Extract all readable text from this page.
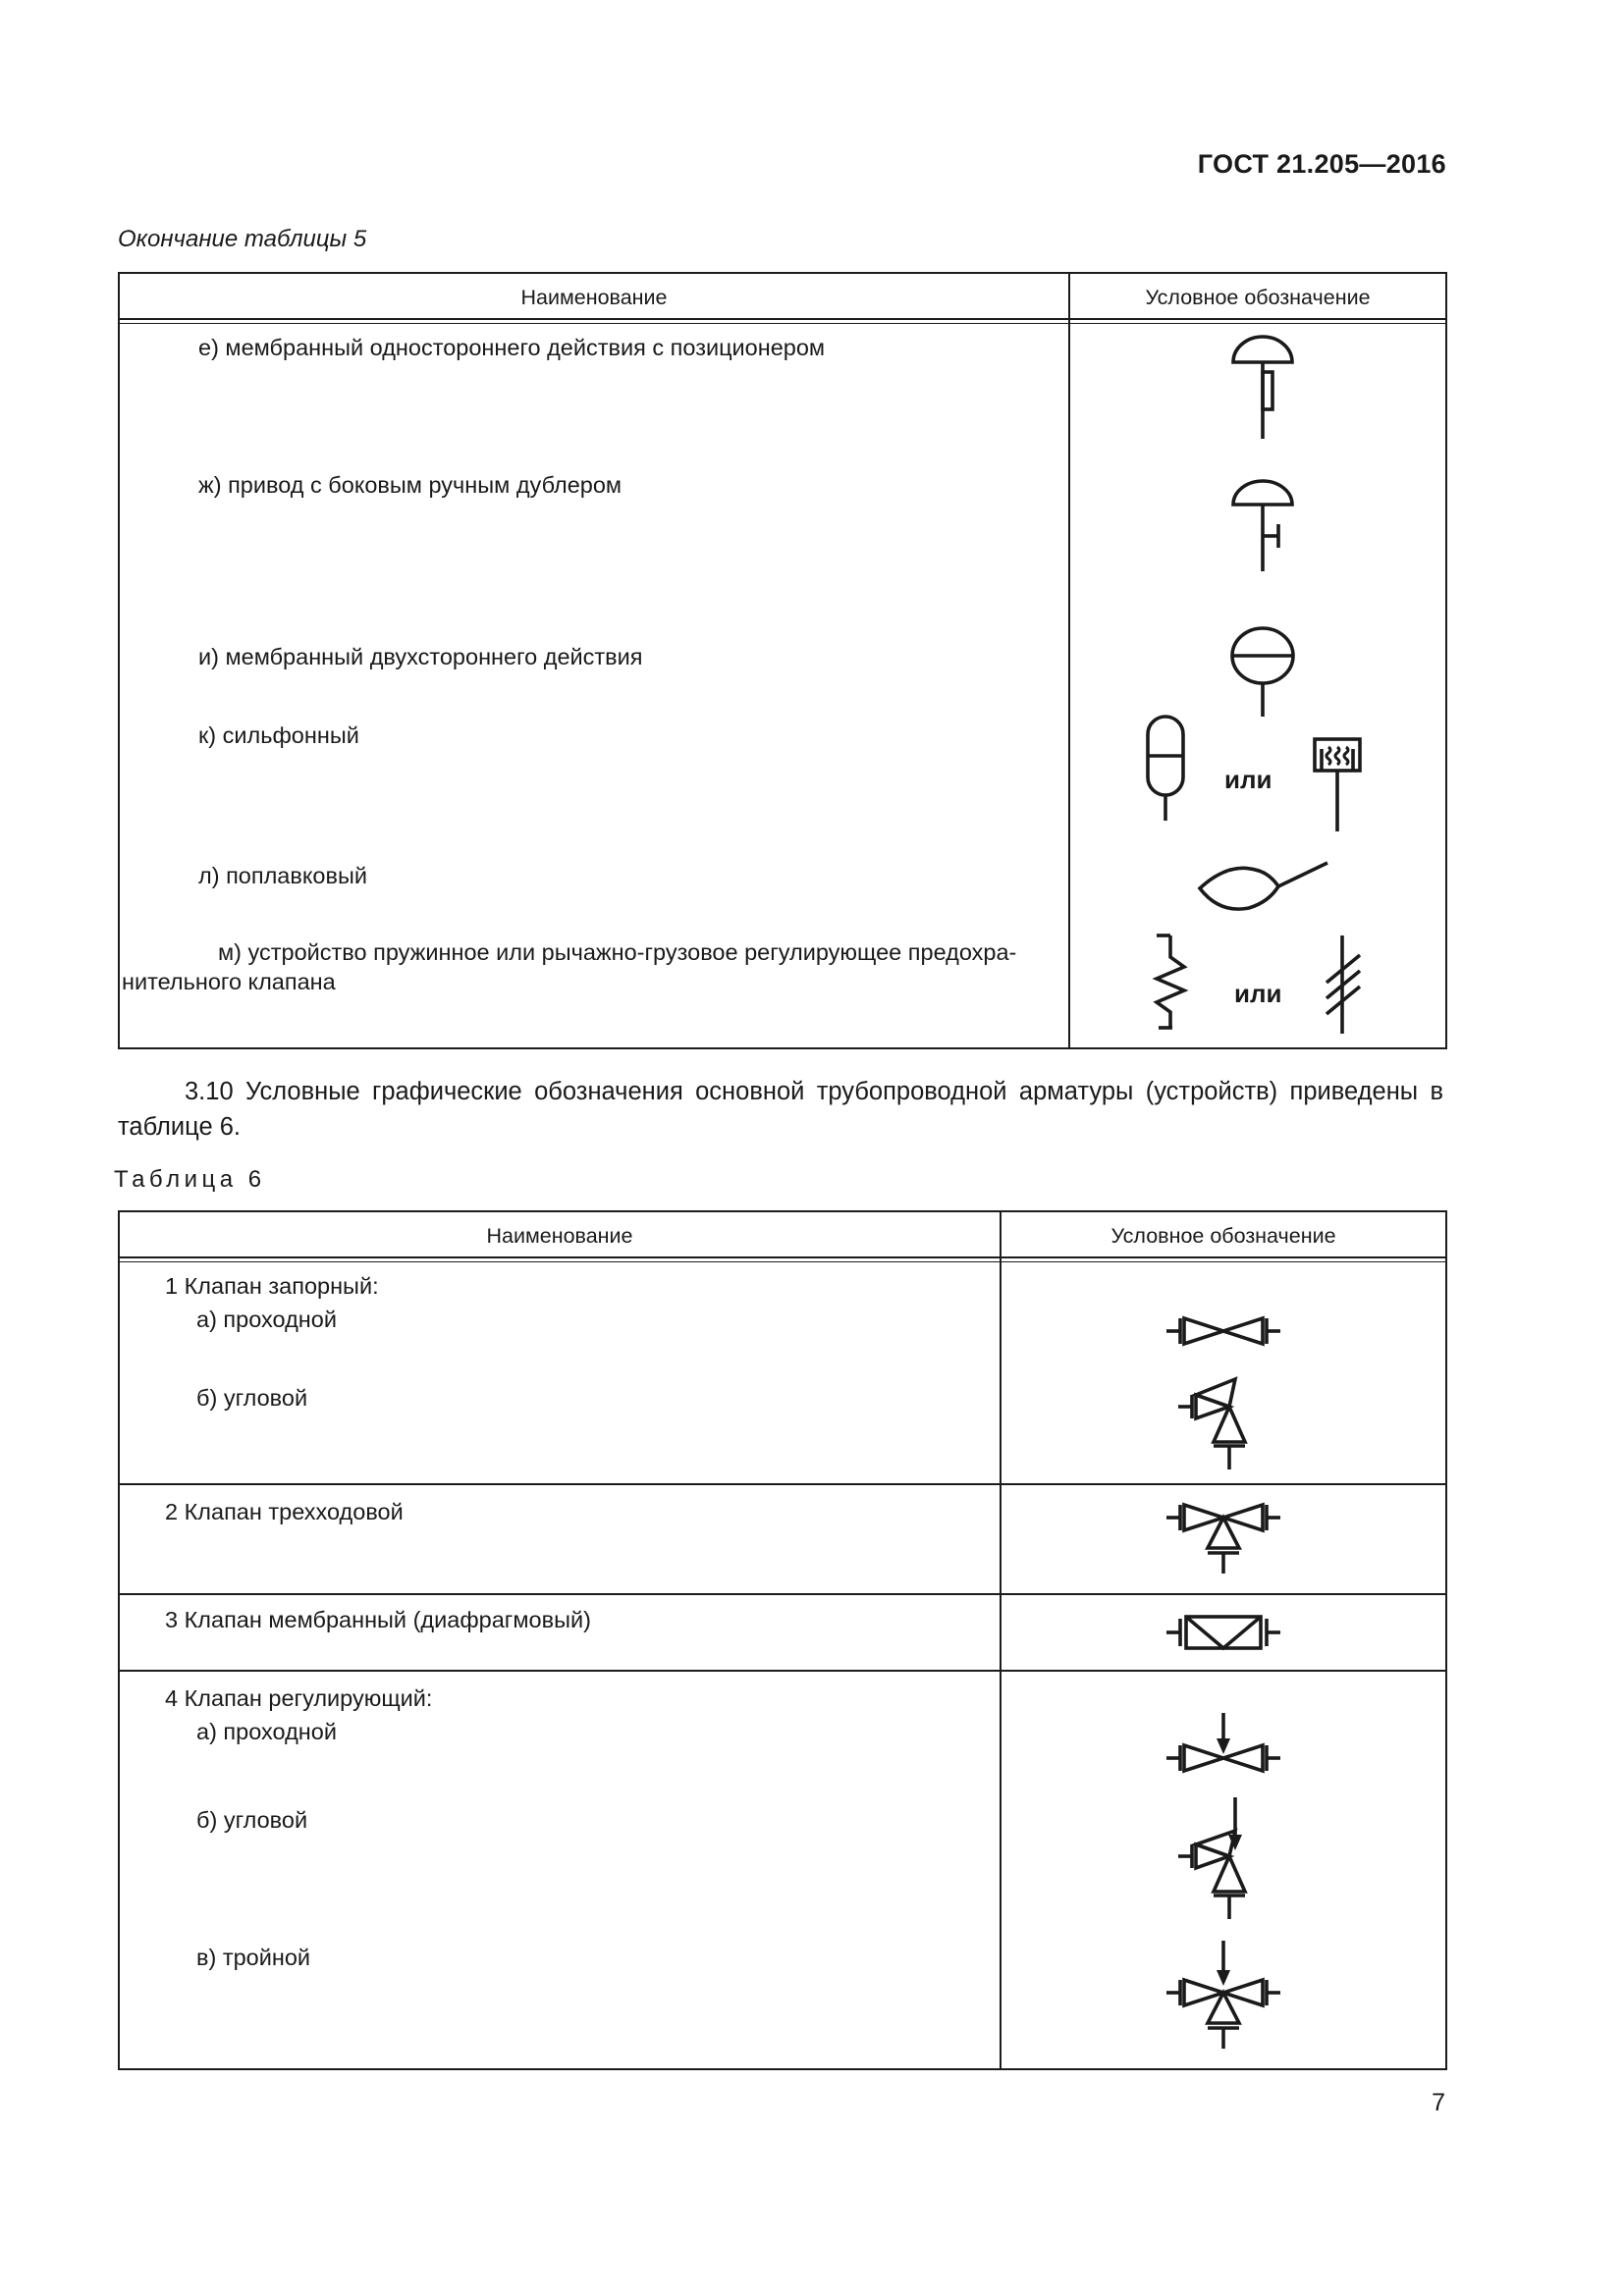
ГОСТ 21.205—2016
Окончание таблицы 5
Наименование	Условное обозначение
е) мембранный одностороннего действия с позиционером
ж) привод с боковым ручным дублером
и) мембранный двухстороннего действия
к) сильфонный
л) поплавковый
м) устройство пружинное или рычажно-грузовое регулирующее предохра-
нительного клапана
или
или
3.10 Условные графические обозначения основной трубопроводной арматуры (устройств) приведены в таблице 6.
Таблица 6
Наименование	Условное обозначение
1 Клапан запорный:
а) проходной
б) угловой
2 Клапан трехходовой
3 Клапан мембранный (диафрагмовый)
4 Клапан регулирующий:
а) проходной
б) угловой
в) тройной
7
